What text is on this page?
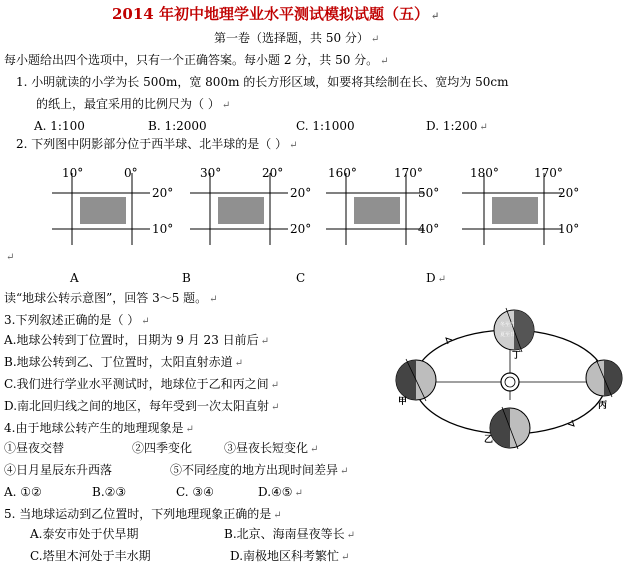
2014 年初中地理学业水平测试模拟试题（五） ↵
第一卷（选择题，共 50 分） ↵
每小题给出四个选项中，只有一个正确答案。每小题 2 分，共 50 分。 ↵
1. 小明就读的小学为长 500m，宽 800m 的长方形区域，如要将其绘制在长、宽均为 50cm
的纸上，最宜采用的比例尺为（ ） ↵
A. 1:100	B. 1:2000	C. 1:1000	D. 1:200 ↵
2. 下列图中阴影部分位于西半球、北半球的是（ ） ↵
10°	0°
20°
10°
30°	20°
20°
20°
160°	170°
50°
40°
180°	170°
20°
10°
↵
A	B	C	D ↵
读“地球公转示意图”，回答 3～5 题。 ↵
3.下列叙述正确的是（ ） ↵
A.地球公转到丁位置时，日期为 9 月 23 日前后 ↵
B.地球公转到乙、丁位置时，太阳直射赤道 ↵
C.我们进行学业水平测试时，地球位于乙和丙之间 ↵
D.南北回归线之间的地区，每年受到一次太阳直射 ↵
4.由于地球公转产生的地理现象是 ↵
①昼夜交替	②四季变化	③昼夜长短变化 ↵
④日月星辰东升西落	⑤不同经度的地方出现时间差异 ↵
A. ①②	B.②③	C. ③④	D.④⑤ ↵
5. 当地球运动到乙位置时，下列地理现象正确的是 ↵
A.泰安市处于伏旱期	B.北京、海南昼夜等长 ↵
C.塔里木河处于丰水期	D.南极地区科考繁忙 ↵
冬至日
夏至日
甲
乙
丙
丁
